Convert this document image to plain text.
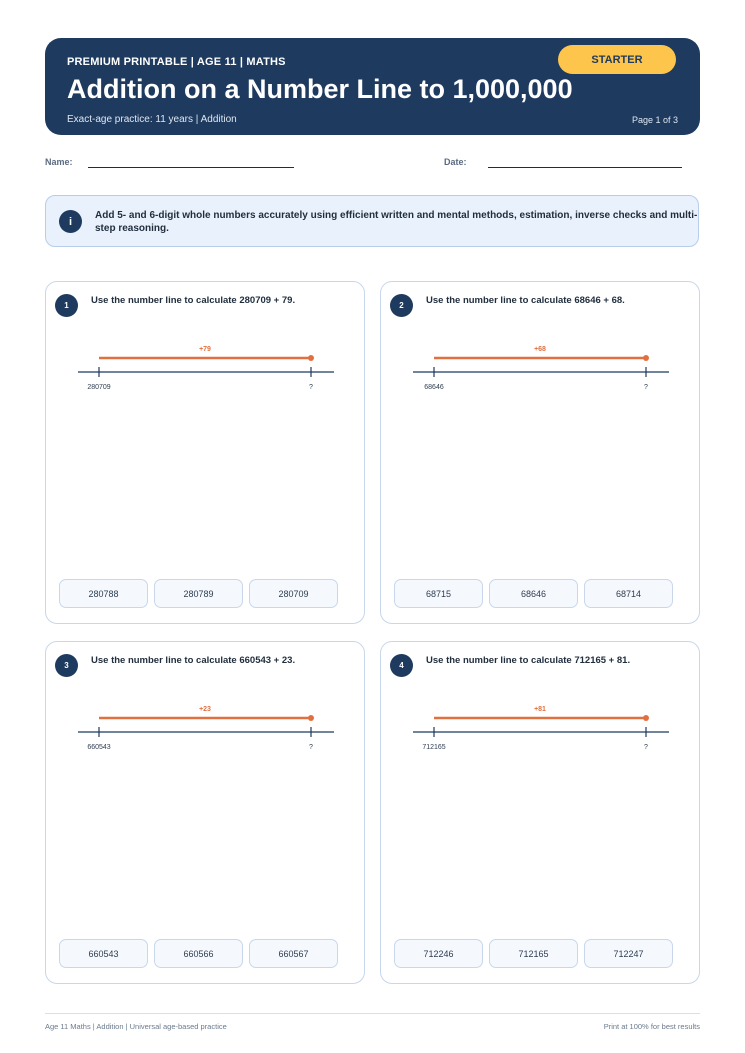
PREMIUM PRINTABLE | AGE 11 | MATHS
Addition on a Number Line to 1,000,000
Exact-age practice: 11 years | Addition	Page 1 of 3
STARTER
Name:	Date:
i	Add 5- and 6-digit whole numbers accurately using efficient written and mental methods, estimation, inverse checks and multi-step reasoning.
1	Use the number line to calculate 280709 + 79.
+79
280709	?
280788	280789	280709
2	Use the number line to calculate 68646 + 68.
+68
68646	?
68715	68646	68714
3	Use the number line to calculate 660543 + 23.
+23
660543	?
660543	660566	660567
4	Use the number line to calculate 712165 + 81.
+81
712165	?
712246	712165	712247
Age 11 Maths | Addition | Universal age-based practice	Print at 100% for best results
